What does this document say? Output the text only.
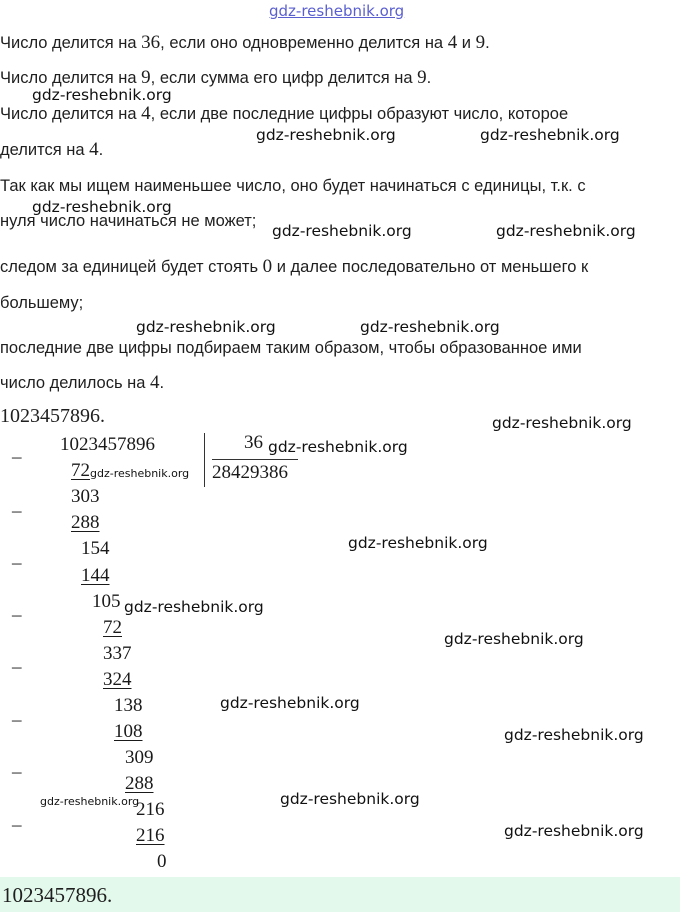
gdz-reshebnik.org
Число делится на 36, если оно одновременно делится на 4 и 9.
Число делится на 9, если сумма его цифр делится на 9.
Число делится на 4, если две последние цифры образуют число, которое
делится на 4.
Так как мы ищем наименьшее число, оно будет начинаться с единицы, т.к. с
нуля число начинаться не может;
следом за единицей будет стоять 0 и далее последовательно от меньшего к
большему;
последние две цифры подбираем таким образом, чтобы образованное ими
число делилось на 4.
1023457896.
1023457896	36
28429386
_
_
_
_
_
_
_
_
72
303
288
154
144
105
72
337
324
138
108
309
288
216
216
0
gdz-reshebnik.org
gdz-reshebnik.org	gdz-reshebnik.org
gdz-reshebnik.org
gdz-reshebnik.org	gdz-reshebnik.org
gdz-reshebnik.org	gdz-reshebnik.org
gdz-reshebnik.org
gdz-reshebnik.org
gdz-reshebnik.org
gdz-reshebnik.org
gdz-reshebnik.org
gdz-reshebnik.org
gdz-reshebnik.org
gdz-reshebnik.org
gdz-reshebnik.org	gdz-reshebnik.org
gdz-reshebnik.org
1023457896.
